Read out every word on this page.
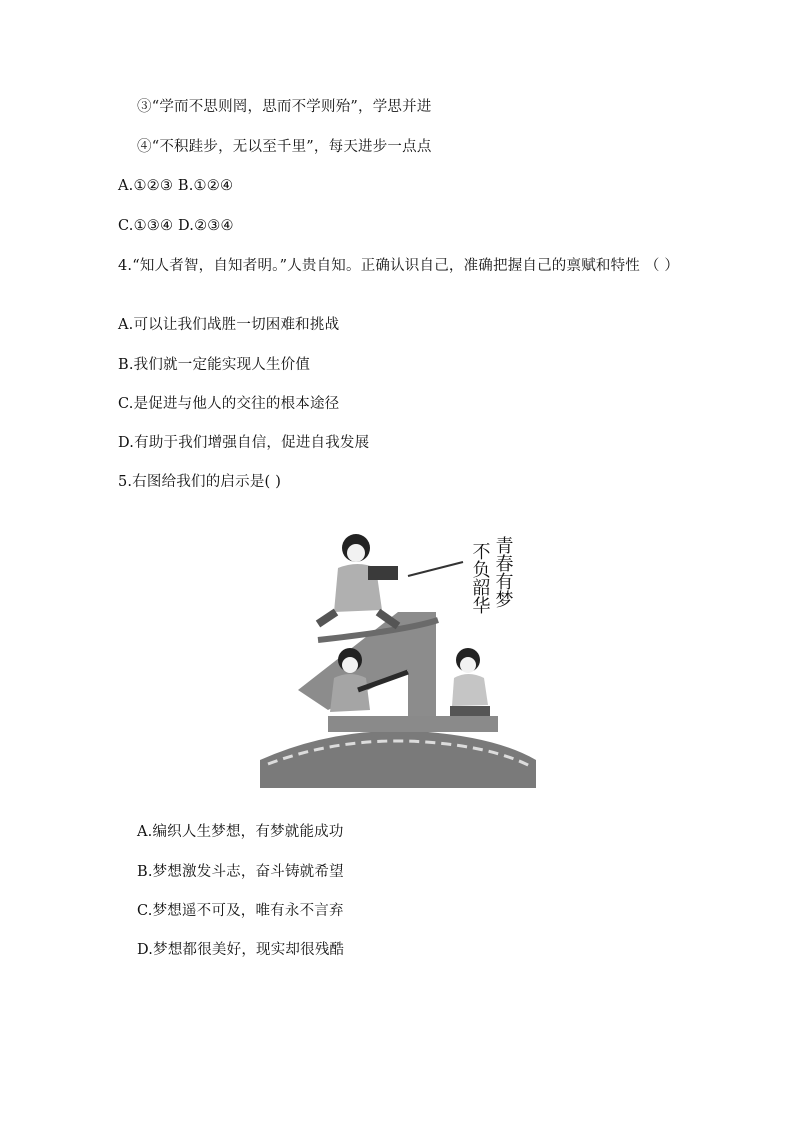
③“学而不思则罔，思而不学则殆”，学思并进
④“不积跬步，无以至千里”，每天进步一点点
A.①②③ B.①②④
C.①③④ D.②③④
4.“知人者智，自知者明。”人贵自知。正确认识自己，准确把握自己的禀赋和特性 （ ）
A.可以让我们战胜一切困难和挑战
B.我们就一定能实现人生价值
C.是促进与他人的交往的根本途径
D.有助于我们增强自信，促进自我发展
5.右图给我们的启示是( )
青春有梦
不负韶华
A.编织人生梦想，有梦就能成功
B.梦想激发斗志，奋斗铸就希望
C.梦想遥不可及，唯有永不言弃
D.梦想都很美好，现实却很残酷
